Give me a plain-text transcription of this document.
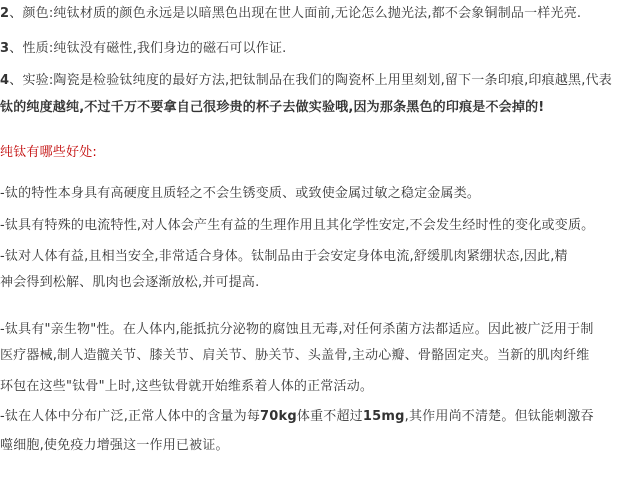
2、颜色:纯钛材质的颜色永远是以暗黑色出现在世人面前,无论怎么抛光法,都不会象铜制品一样光亮.
3、性质:纯钛没有磁性,我们身边的磁石可以作证.
4、实验:陶瓷是检验钛纯度的最好方法,把钛制品在我们的陶瓷杯上用里刻划,留下一条印痕,印痕越黑,代表
钛的纯度越纯,不过千万不要拿自己很珍贵的杯子去做实验哦,因为那条黑色的印痕是不会掉的!
纯钛有哪些好处:
-钛的特性本身具有高硬度且质轻之不会生锈变质、或致使金属过敏之稳定金属类。
-钛具有特殊的电流特性,对人体会产生有益的生理作用且其化学性安定,不会发生经时性的变化或变质。
-钛对人体有益,且相当安全,非常适合身体。钛制品由于会安定身体电流,舒缓肌肉紧绷状态,因此,精
神会得到松解、肌肉也会逐渐放松,并可提高.
-钛具有"亲生物"性。在人体内,能抵抗分泌物的腐蚀且无毒,对任何杀菌方法都适应。因此被广泛用于制
医疗器械,制人造髋关节、膝关节、肩关节、胁关节、头盖骨,主动心瓣、骨骼固定夹。当新的肌肉纤维
环包在这些"钛骨"上时,这些钛骨就开始维系着人体的正常活动。
-钛在人体中分布广泛,正常人体中的含量为每70kg体重不超过15mg,其作用尚不清楚。但钛能刺激吞
噬细胞,使免疫力增强这一作用已被证。
